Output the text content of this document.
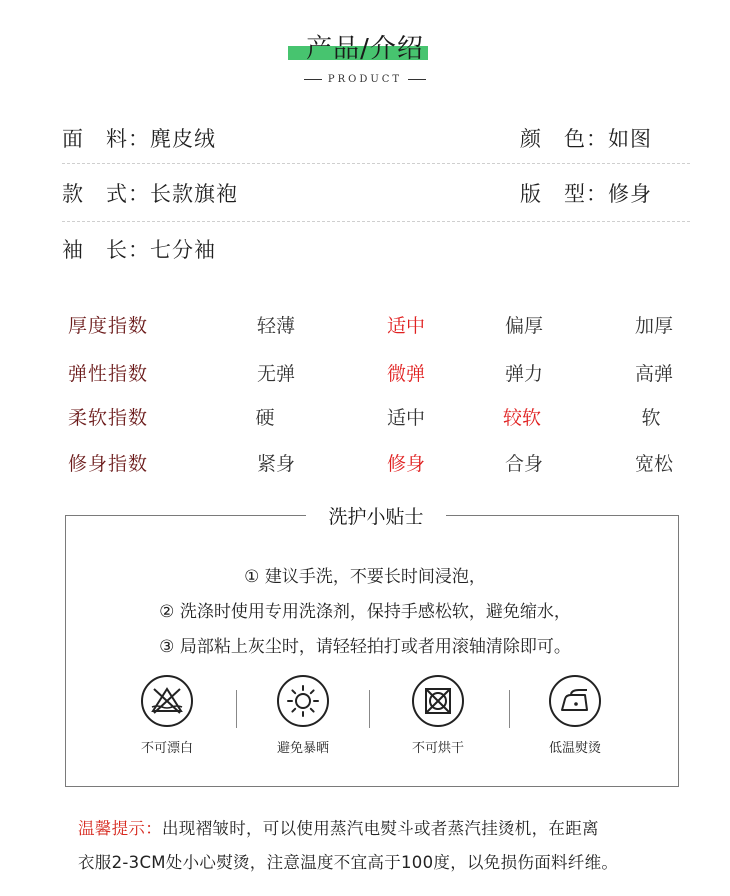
产品/介绍
PRODUCT
面　料：麂皮绒	颜　色：如图
款　式：长款旗袍	版　型：修身
袖　长：七分袖
厚度指数	轻薄	适中	偏厚	加厚
弹性指数	无弹	微弹	弹力	高弹
柔软指数	硬	适中	较软	软
修身指数	紧身	修身	合身	宽松
洗护小贴士
① 建议手洗，不要长时间浸泡，
② 洗涤时使用专用洗涤剂，保持手感松软，避免缩水，
③ 局部粘上灰尘时，请轻轻拍打或者用滚轴清除即可。
不可漂白	避免暴晒	不可烘干	低温熨烫
温馨提示：出现褶皱时，可以使用蒸汽电熨斗或者蒸汽挂烫机，在距离
衣服2-3CM处小心熨烫，注意温度不宜高于100度，以免损伤面料纤维。
